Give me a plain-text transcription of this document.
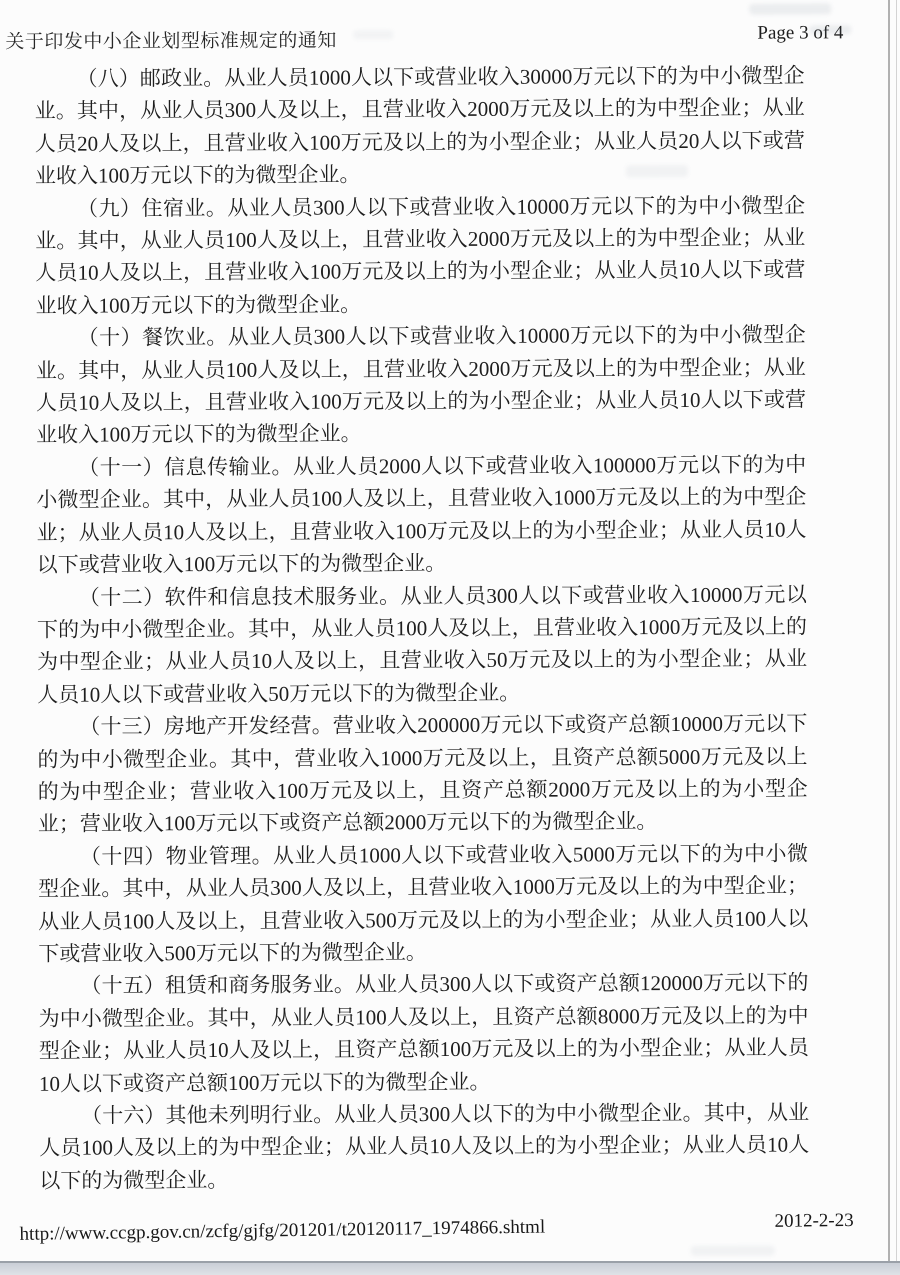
关于印发中小企业划型标准规定的通知	Page 3 of 4

（八）邮政业。从业人员1000人以下或营业收入30000万元以下的为中小微型企业。其中，从业人员300人及以上，且营业收入2000万元及以上的为中型企业；从业人员20人及以上，且营业收入100万元及以上的为小型企业；从业人员20人以下或营业收入100万元以下的为微型企业。

（九）住宿业。从业人员300人以下或营业收入10000万元以下的为中小微型企业。其中，从业人员100人及以上，且营业收入2000万元及以上的为中型企业；从业人员10人及以上，且营业收入100万元及以上的为小型企业；从业人员10人以下或营业收入100万元以下的为微型企业。

（十）餐饮业。从业人员300人以下或营业收入10000万元以下的为中小微型企业。其中，从业人员100人及以上，且营业收入2000万元及以上的为中型企业；从业人员10人及以上，且营业收入100万元及以上的为小型企业；从业人员10人以下或营业收入100万元以下的为微型企业。

（十一）信息传输业。从业人员2000人以下或营业收入100000万元以下的为中小微型企业。其中，从业人员100人及以上，且营业收入1000万元及以上的为中型企业；从业人员10人及以上，且营业收入100万元及以上的为小型企业；从业人员10人以下或营业收入100万元以下的为微型企业。

（十二）软件和信息技术服务业。从业人员300人以下或营业收入10000万元以下的为中小微型企业。其中，从业人员100人及以上，且营业收入1000万元及以上的为中型企业；从业人员10人及以上，且营业收入50万元及以上的为小型企业；从业人员10人以下或营业收入50万元以下的为微型企业。

（十三）房地产开发经营。营业收入200000万元以下或资产总额10000万元以下的为中小微型企业。其中，营业收入1000万元及以上，且资产总额5000万元及以上的为中型企业；营业收入100万元及以上，且资产总额2000万元及以上的为小型企业；营业收入100万元以下或资产总额2000万元以下的为微型企业。

（十四）物业管理。从业人员1000人以下或营业收入5000万元以下的为中小微型企业。其中，从业人员300人及以上，且营业收入1000万元及以上的为中型企业；从业人员100人及以上，且营业收入500万元及以上的为小型企业；从业人员100人以下或营业收入500万元以下的为微型企业。

（十五）租赁和商务服务业。从业人员300人以下或资产总额120000万元以下的为中小微型企业。其中，从业人员100人及以上，且资产总额8000万元及以上的为中型企业；从业人员10人及以上，且资产总额100万元及以上的为小型企业；从业人员10人以下或资产总额100万元以下的为微型企业。

（十六）其他未列明行业。从业人员300人以下的为中小微型企业。其中，从业人员100人及以上的为中型企业；从业人员10人及以上的为小型企业；从业人员10人以下的为微型企业。

http://www.ccgp.gov.cn/zcfg/gjfg/201201/t20120117_1974866.shtml	2012-2-23
